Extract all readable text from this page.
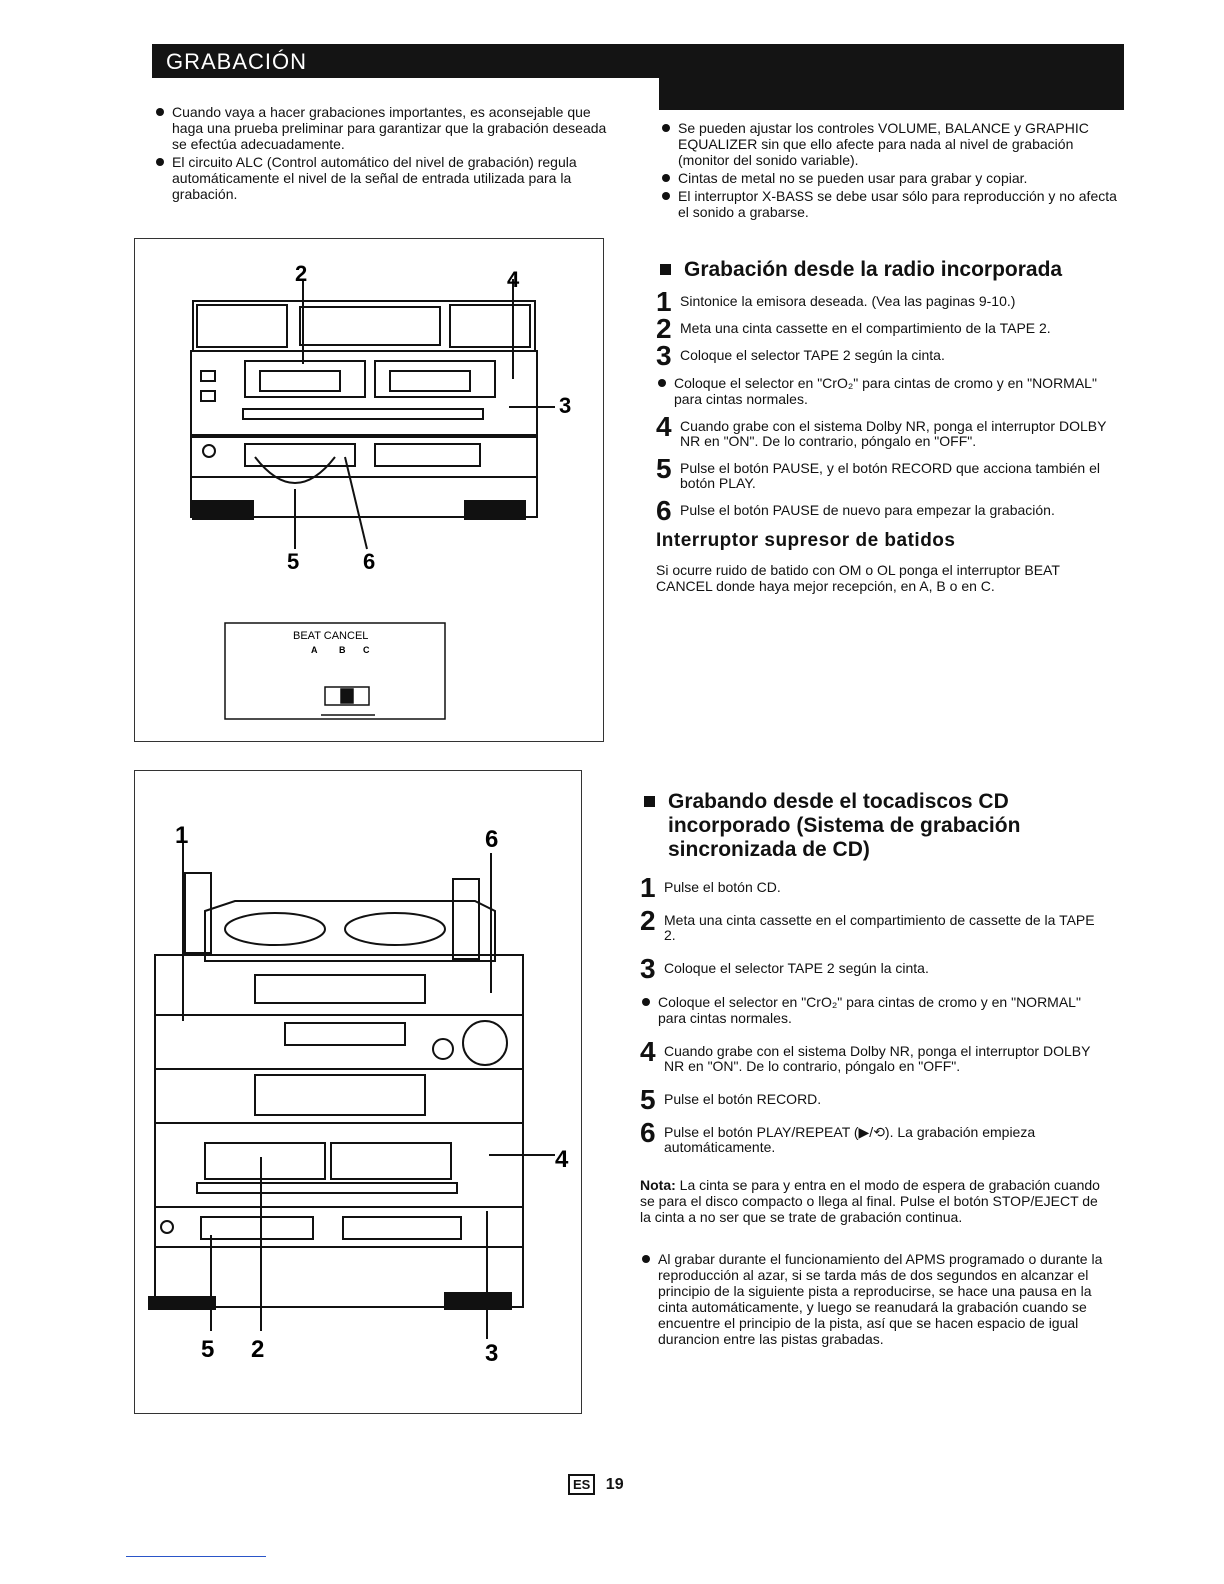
GRABACIÓN
Cuando vaya a hacer grabaciones importantes, es aconsejable que haga una prueba preliminar para garantizar que la grabación deseada se efectúa adecuadamente.
El circuito ALC (Control automático del nivel de grabación) regula automáticamente el nivel de la señal de entrada utilizada para la grabación.
Se pueden ajustar los controles VOLUME, BALANCE y GRAPHIC EQUALIZER sin que ello afecte para nada al nivel de grabación (monitor del sonido variable).
Cintas de metal no se pueden usar para grabar y copiar.
El interruptor X-BASS se debe usar sólo para reproducción y no afecta el sonido a grabarse.
2	4
3
5	6
BEAT CANCEL
A B C
Grabación desde la radio incorporada
1 Sintonice la emisora deseada. (Vea las paginas 9-10.)
2 Meta una cinta cassette en el compartimiento de la TAPE 2.
3 Coloque el selector TAPE 2 según la cinta.
Coloque el selector en "CrO₂" para cintas de cromo y en "NORMAL" para cintas normales.
4 Cuando grabe con el sistema Dolby NR, ponga el interruptor DOLBY NR en "ON". De lo contrario, póngalo en "OFF".
5 Pulse el botón PAUSE, y el botón RECORD que acciona también el botón PLAY.
6 Pulse el botón PAUSE de nuevo para empezar la grabación.
Interruptor supresor de batidos
Si ocurre ruido de batido con OM o OL ponga el interruptor BEAT CANCEL donde haya mejor recepción, en A, B o en C.
1	6
4
5 2	3
Grabando desde el tocadiscos CD incorporado (Sistema de grabación sincronizada de CD)
1 Pulse el botón CD.
2 Meta una cinta cassette en el compartimiento de cassette de la TAPE 2.
3 Coloque el selector TAPE 2 según la cinta.
Coloque el selector en "CrO₂" para cintas de cromo y en "NORMAL" para cintas normales.
4 Cuando grabe con el sistema Dolby NR, ponga el interruptor DOLBY NR en "ON". De lo contrario, póngalo en "OFF".
5 Pulse el botón RECORD.
6 Pulse el botón PLAY/REPEAT (▶/⟲). La grabación empieza automáticamente.
Nota: La cinta se para y entra en el modo de espera de grabación cuando se para el disco compacto o llega al final. Pulse el botón STOP/EJECT de la cinta a no ser que se trate de grabación continua.
Al grabar durante el funcionamiento del APMS programado o durante la reproducción al azar, si se tarda más de dos segundos en alcanzar el principio de la siguiente pista a reproducirse, se hace una pausa en la cinta automáticamente, y luego se reanudará la grabación cuando se encuentre el principio de la pista, así que se hacen espacio de igual durancion entre las pistas grabadas.
ES 19
